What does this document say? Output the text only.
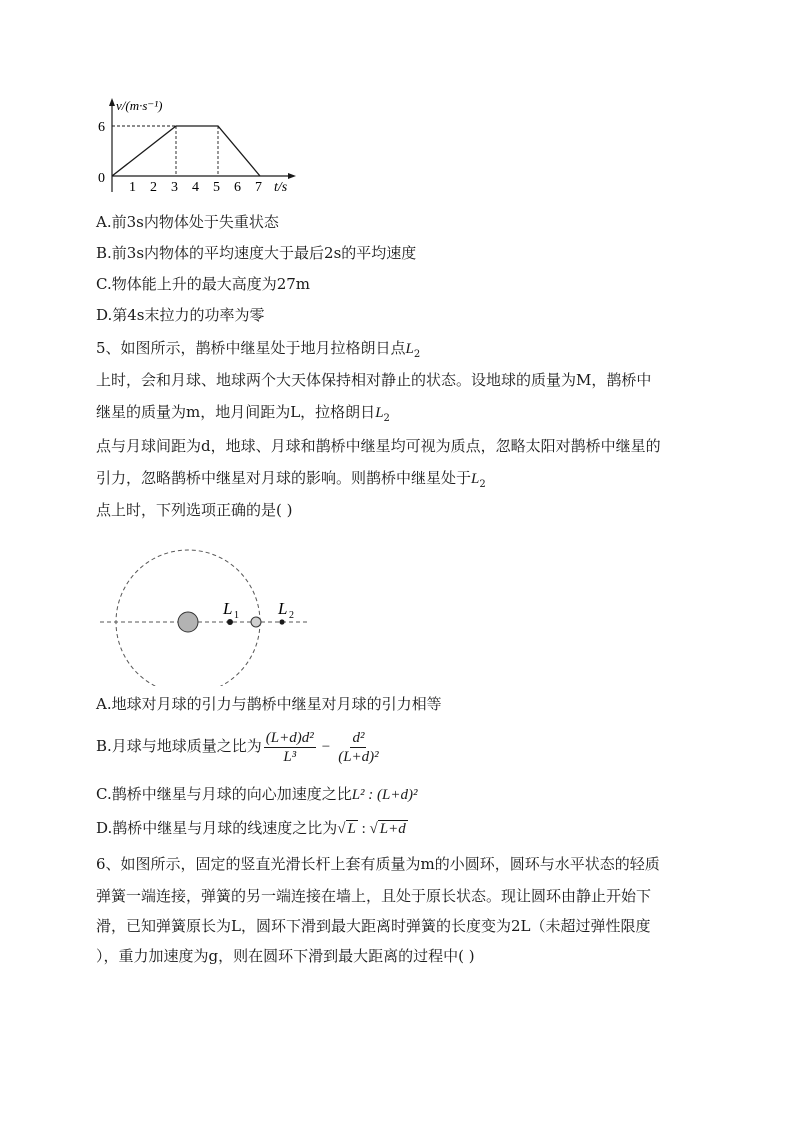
v/(m·s⁻¹)
6
0
1 2 3 4 5 6 7 t/s
A.前3s内物体处于失重状态
B.前3s内物体的平均速度大于最后2s的平均速度
C.物体能上升的最大高度为27m
D.第4s末拉力的功率为零
5、如图所示，鹊桥中继星处于地月拉格朗日点$L_2$
上时，会和月球、地球两个大天体保持相对静止的状态。设地球的质量为M，鹊桥中
继星的质量为m，地月间距为L，拉格朗日$L_2$
点与月球间距为d，地球、月球和鹊桥中继星均可视为质点，忽略太阳对鹊桥中继星的
引力，忽略鹊桥中继星对月球的影响。则鹊桥中继星处于$L_2$
点上时，下列选项正确的是( )
L 1 L 2
A.地球对月球的引力与鹊桥中继星对月球的引力相等
B.月球与地球质量之比为 $\frac{\text{(L+d)d²}}{\text{L³}} - \frac{\text{d²}}{\text{(L+d)²}}$
C.鹊桥中继星与月球的向心加速度之比L² : (L+d)²
D.鹊桥中继星与月球的线速度之比为√ L : √ L+d
6、如图所示，固定的竖直光滑长杆上套有质量为m的小圆环，圆环与水平状态的轻质
弹簧一端连接，弹簧的另一端连接在墙上，且处于原长状态。现让圆环由静止开始下
滑，已知弹簧原长为L，圆环下滑到最大距离时弹簧的长度变为2L（未超过弹性限度
），重力加速度为g，则在圆环下滑到最大距离的过程中( )
